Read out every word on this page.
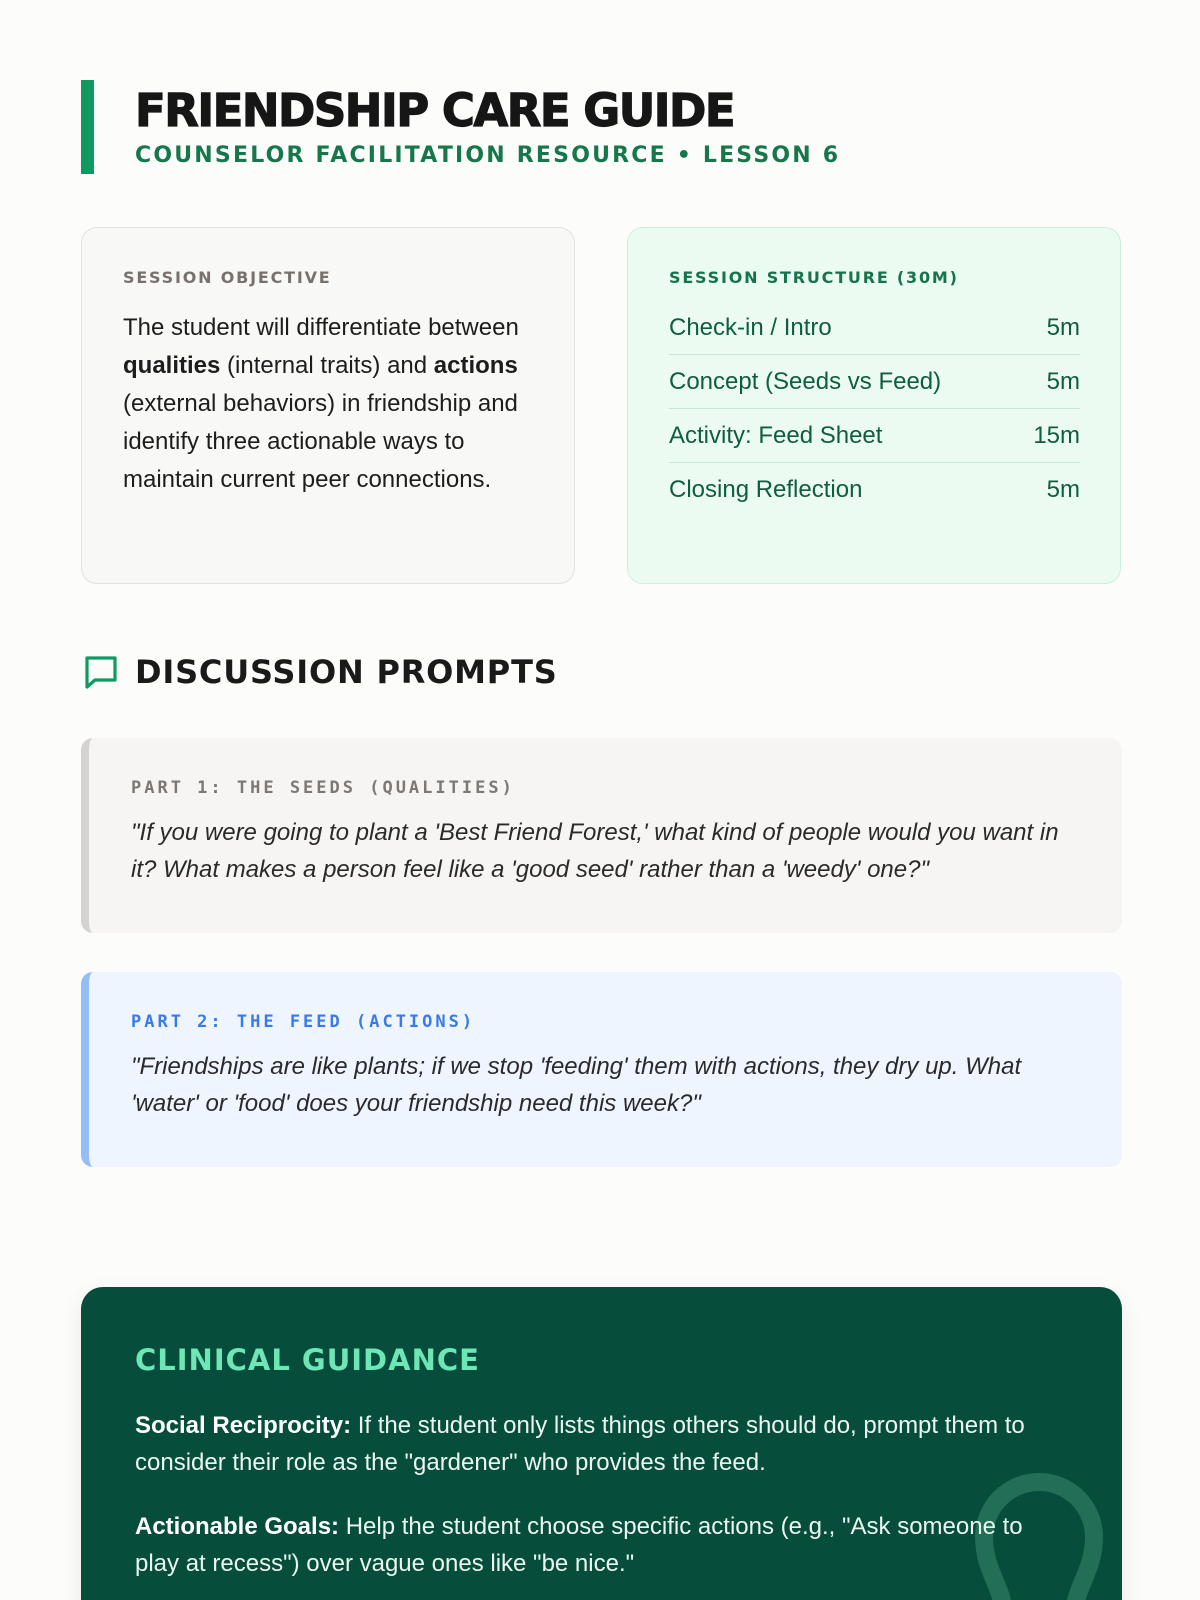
FRIENDSHIP CARE GUIDE
COUNSELOR FACILITATION RESOURCE • LESSON 6
SESSION OBJECTIVE
The student will differentiate between qualities (internal traits) and actions (external behaviors) in friendship and identify three actionable ways to maintain current peer connections.
SESSION STRUCTURE (30M)
Check-in / Intro	5m
Concept (Seeds vs Feed)	5m
Activity: Feed Sheet	15m
Closing Reflection	5m
DISCUSSION PROMPTS
PART 1: THE SEEDS (QUALITIES)
"If you were going to plant a 'Best Friend Forest,' what kind of people would you want in it? What makes a person feel like a 'good seed' rather than a 'weedy' one?"
PART 2: THE FEED (ACTIONS)
"Friendships are like plants; if we stop 'feeding' them with actions, they dry up. What 'water' or 'food' does your friendship need this week?"
CLINICAL GUIDANCE
Social Reciprocity: If the student only lists things others should do, prompt them to consider their role as the "gardener" who provides the feed.
Actionable Goals: Help the student choose specific actions (e.g., "Ask someone to play at recess") over vague ones like "be nice."
